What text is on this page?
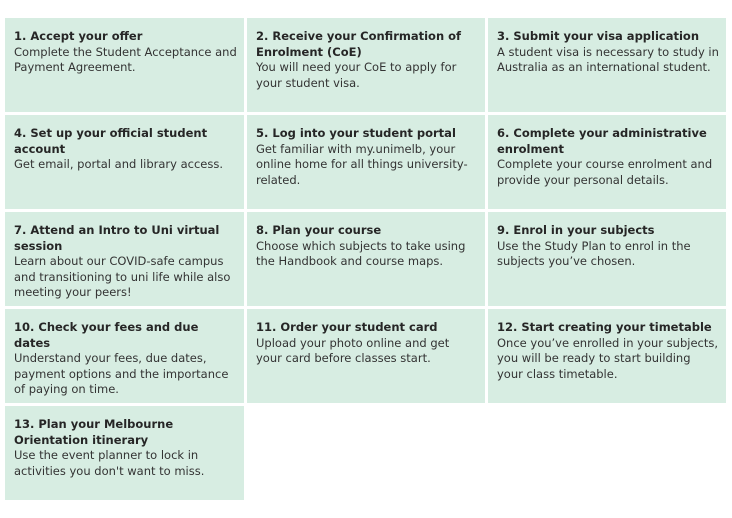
1. Accept your offer

Complete the Student Acceptance and Payment Agreement.

2. Receive your Confirmation of Enrolment (CoE)

You will need your CoE to apply for your student visa.

3. Submit your visa application

A student visa is necessary to study in Australia as an international student.

4. Set up your official student account

Get email, portal and library access.

5. Log into your student portal

Get familiar with my.unimelb, your online home for all things university-related.

6. Complete your administrative enrolment

Complete your course enrolment and provide your personal details.

7. Attend an Intro to Uni virtual session

Learn about our COVID-safe campus and transitioning to uni life while also meeting your peers!

8. Plan your course

Choose which subjects to take using the Handbook and course maps.

9. Enrol in your subjects

Use the Study Plan to enrol in the subjects you’ve chosen.

10. Check your fees and due dates

Understand your fees, due dates, payment options and the importance of paying on time.

11. Order your student card

Upload your photo online and get your card before classes start.

12. Start creating your timetable

Once you’ve enrolled in your subjects, you will be ready to start building your class timetable.

13. Plan your Melbourne Orientation itinerary

Use the event planner to lock in activities you don't want to miss.
